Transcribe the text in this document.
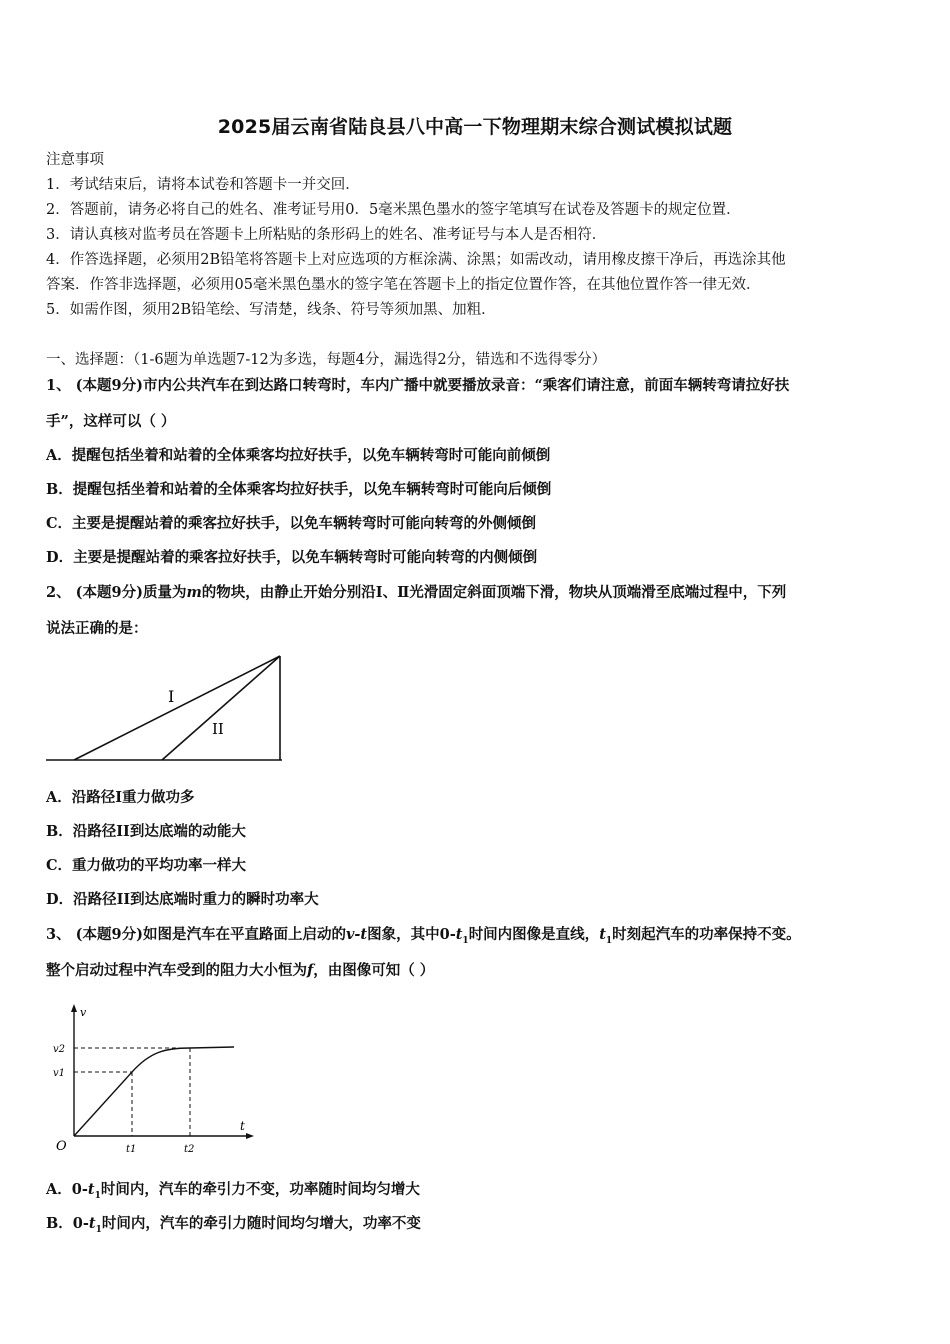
2025届云南省陆良县八中高一下物理期末综合测试模拟试题
注意事项
1．考试结束后，请将本试卷和答题卡一并交回．
2．答题前，请务必将自己的姓名、准考证号用0．5毫米黑色墨水的签字笔填写在试卷及答题卡的规定位置．
3．请认真核对监考员在答题卡上所粘贴的条形码上的姓名、准考证号与本人是否相符．
4．作答选择题，必须用2B铅笔将答题卡上对应选项的方框涂满、涂黑；如需改动，请用橡皮擦干净后，再选涂其他
答案．作答非选择题，必须用05毫米黑色墨水的签字笔在答题卡上的指定位置作答，在其他位置作答一律无效．
5．如需作图，须用2B铅笔绘、写清楚，线条、符号等须加黑、加粗．
一、选择题：（1-6题为单选题7-12为多选，每题4分，漏选得2分，错选和不选得零分）
1、 (本题9分)市内公共汽车在到达路口转弯时，车内广播中就要播放录音：“乘客们请注意，前面车辆转弯请拉好扶
手”，这样可以（ ）
A．提醒包括坐着和站着的全体乘客均拉好扶手，以免车辆转弯时可能向前倾倒
B．提醒包括坐着和站着的全体乘客均拉好扶手，以免车辆转弯时可能向后倾倒
C．主要是提醒站着的乘客拉好扶手，以免车辆转弯时可能向转弯的外侧倾倒
D．主要是提醒站着的乘客拉好扶手，以免车辆转弯时可能向转弯的内侧倾倒
2、 (本题9分)质量为m的物块，由静止开始分别沿Ⅰ、Ⅱ光滑固定斜面顶端下滑，物块从顶端滑至底端过程中，下列
说法正确的是：
I
II
A．沿路径Ⅰ重力做功多
B．沿路径II到达底端的动能大
C．重力做功的平均功率一样大
D．沿路径II到达底端时重力的瞬时功率大
3、 (本题9分)如图是汽车在平直路面上启动的v-t图象，其中$0-t_1$时间内图像是直线，$t_1$时刻起汽车的功率保持不变。
整个启动过程中汽车受到的阻力大小恒为f，由图像可知（ ）
v
t
O
v1
v2
t1	t2
A．$0-t_1$时间内，汽车的牵引力不变，功率随时间均匀增大
B．$0-t_1$时间内，汽车的牵引力随时间均匀增大，功率不变
